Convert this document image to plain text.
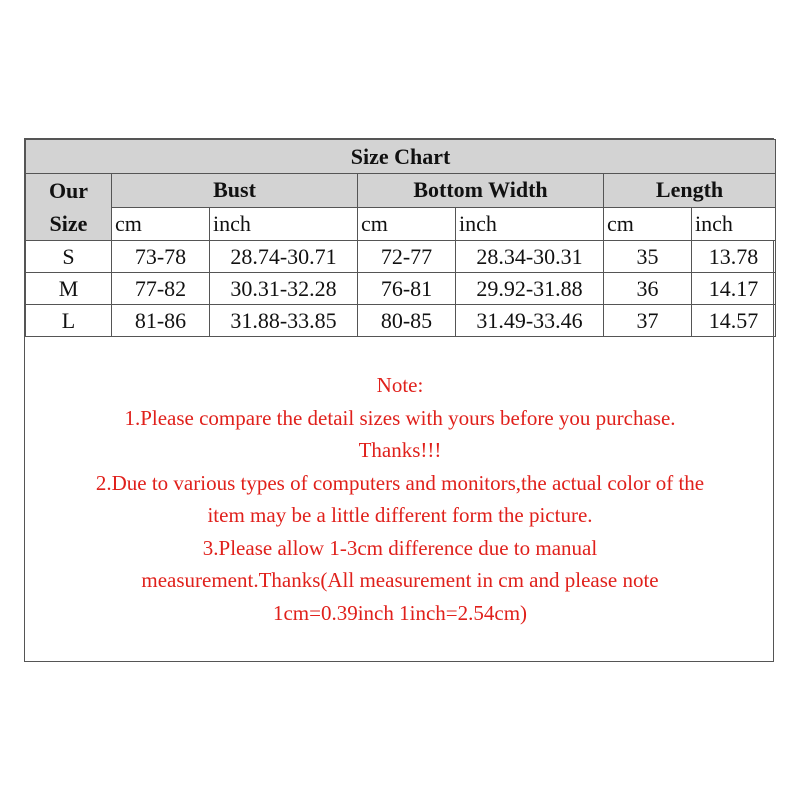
Size Chart						

Our
Size	Bust		Bottom Width		Length	
	cm	inch	cm	inch	cm	inch
S	73-78	28.74-30.71	72-77	28.34-30.31	35	13.78
M	77-82	30.31-32.28	76-81	29.92-31.88	36	14.17
L	81-86	31.88-33.85	80-85	31.49-33.46	37	14.57
Note:
1.Please compare the detail sizes with yours before you purchase.
Thanks!!!
2.Due to various types of computers and monitors,the actual color of the
item may be a little different form the picture.
3.Please allow 1-3cm difference due to manual
measurement.Thanks(All measurement in cm and please note
1cm=0.39inch 1inch=2.54cm)
